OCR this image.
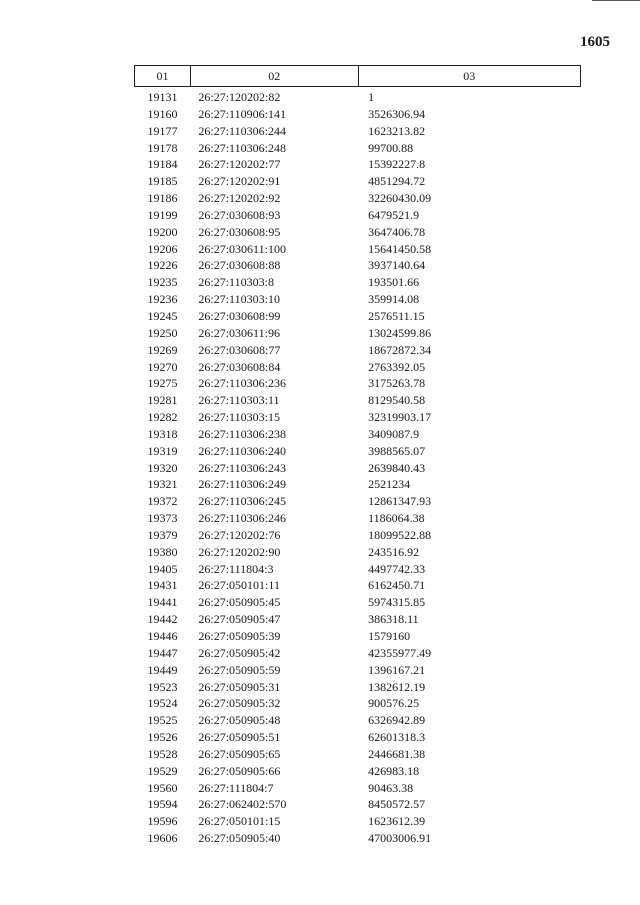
1605
01	02	03
19131	26:27:120202:82	1
19160	26:27:110906:141	3526306.94
19177	26:27:110306:244	1623213.82
19178	26:27:110306:248	99700.88
19184	26:27:120202:77	15392227.8
19185	26:27:120202:91	4851294.72
19186	26:27:120202:92	32260430.09
19199	26:27:030608:93	6479521.9
19200	26:27:030608:95	3647406.78
19206	26:27:030611:100	15641450.58
19226	26:27:030608:88	3937140.64
19235	26:27:110303:8	193501.66
19236	26:27:110303:10	359914.08
19245	26:27:030608:99	2576511.15
19250	26:27:030611:96	13024599.86
19269	26:27:030608:77	18672872.34
19270	26:27:030608:84	2763392.05
19275	26:27:110306:236	3175263.78
19281	26:27:110303:11	8129540.58
19282	26:27:110303:15	32319903.17
19318	26:27:110306:238	3409087.9
19319	26:27:110306:240	3988565.07
19320	26:27:110306:243	2639840.43
19321	26:27:110306:249	2521234
19372	26:27:110306:245	12861347.93
19373	26:27:110306:246	1186064.38
19379	26:27:120202:76	18099522.88
19380	26:27:120202:90	243516.92
19405	26:27:111804:3	4497742.33
19431	26:27:050101:11	6162450.71
19441	26:27:050905:45	5974315.85
19442	26:27:050905:47	386318.11
19446	26:27:050905:39	1579160
19447	26:27:050905:42	42355977.49
19449	26:27:050905:59	1396167.21
19523	26:27:050905:31	1382612.19
19524	26:27:050905:32	900576.25
19525	26:27:050905:48	6326942.89
19526	26:27:050905:51	62601318.3
19528	26:27:050905:65	2446681.38
19529	26:27:050905:66	426983.18
19560	26:27:111804:7	90463.38
19594	26:27:062402:570	8450572.57
19596	26:27:050101:15	1623612.39
19606	26:27:050905:40	47003006.91
